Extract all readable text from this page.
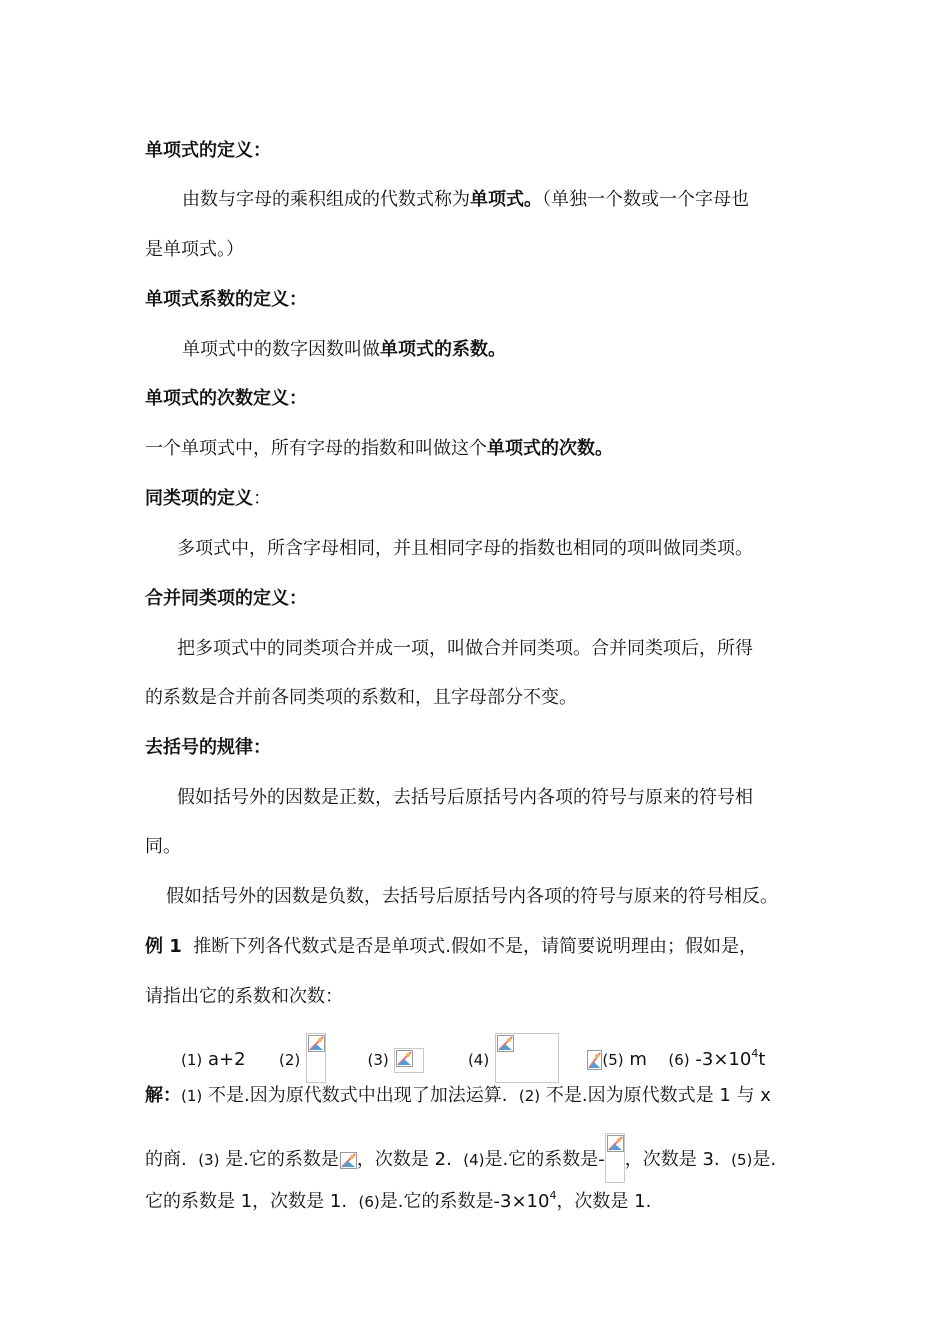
单项式的定义：
由数与字母的乘积组成的代数式称为单项式。（单独一个数或一个字母也
是单项式。）
单项式系数的定义：
单项式中的数字因数叫做单项式的系数。
单项式的次数定义：
一个单项式中，所有字母的指数和叫做这个单项式的次数。
同类项的定义：
多项式中，所含字母相同，并且相同字母的指数也相同的项叫做同类项。
合并同类项的定义：
把多项式中的同类项合并成一项，叫做合并同类项。合并同类项后，所得
的系数是合并前各同类项的系数和，且字母部分不变。
去括号的规律：
假如括号外的因数是正数，去括号后原括号内各项的符号与原来的符号相
同。
假如括号外的因数是负数，去括号后原括号内各项的符号与原来的符号相反。
例 1 推断下列各代数式是否是单项式.假如不是，请简要说明理由；假如是，
请指出它的系数和次数：
(1) a+2 (2)	(3)	(4)
	(5) m (6) $-3\times 10^4t$
解：(1) 不是.因为原代数式中出现了加法运算. (2) 不是.因为原代数式是 1 与 x
的商. (3) 是.它的系数是 ，次数是 2. (4)是.它的系数是- ，次数是 3. (5)是.
它的系数是 1，次数是 1. (6)是.它的系数是$-3\times 10^4$，次数是 1.
